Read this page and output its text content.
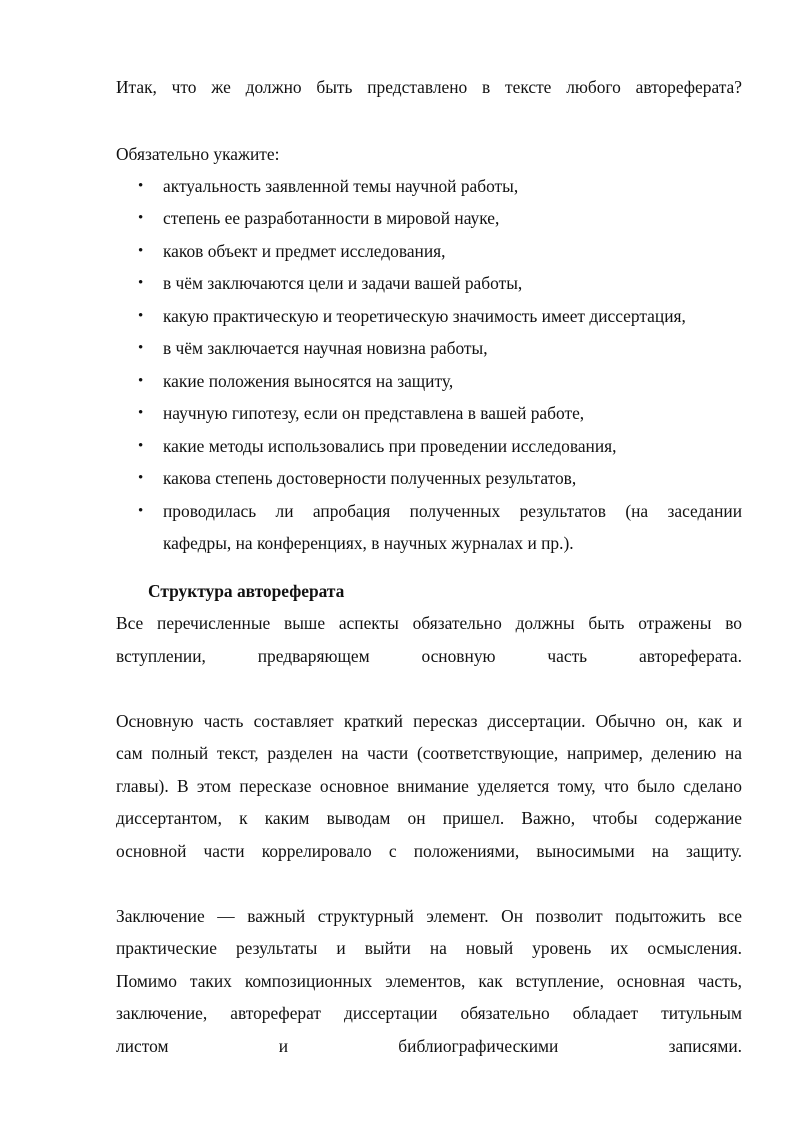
Итак, что же должно быть представлено в тексте любого автореферата?
Обязательно укажите:
• актуальность заявленной темы научной работы,
• степень ее разработанности в мировой науке,
• каков объект и предмет исследования,
• в чём заключаются цели и задачи вашей работы,
• какую практическую и теоретическую значимость имеет диссертация,
• в чём заключается научная новизна работы,
• какие положения выносятся на защиту,
• научную гипотезу, если он представлена в вашей работе,
• какие методы использовались при проведении исследования,
• какова степень достоверности полученных результатов,
• проводилась ли апробация полученных результатов (на заседании
кафедры, на конференциях, в научных журналах и пр.).
Структура автореферата
Все перечисленные выше аспекты обязательно должны быть отражены во
вступлении, предваряющем основную часть автореферата.
Основную часть составляет краткий пересказ диссертации. Обычно он, как и
сам полный текст, разделен на части (соответствующие, например, делению на
главы). В этом пересказе основное внимание уделяется тому, что было сделано
диссертантом, к каким выводам он пришел. Важно, чтобы содержание
основной части коррелировало с положениями, выносимыми на защиту.
Заключение — важный структурный элемент. Он позволит подытожить все
практические результаты и выйти на новый уровень их осмысления.
Помимо таких композиционных элементов, как вступление, основная часть,
заключение, автореферат диссертации обязательно обладает титульным
листом и библиографическими записями.
